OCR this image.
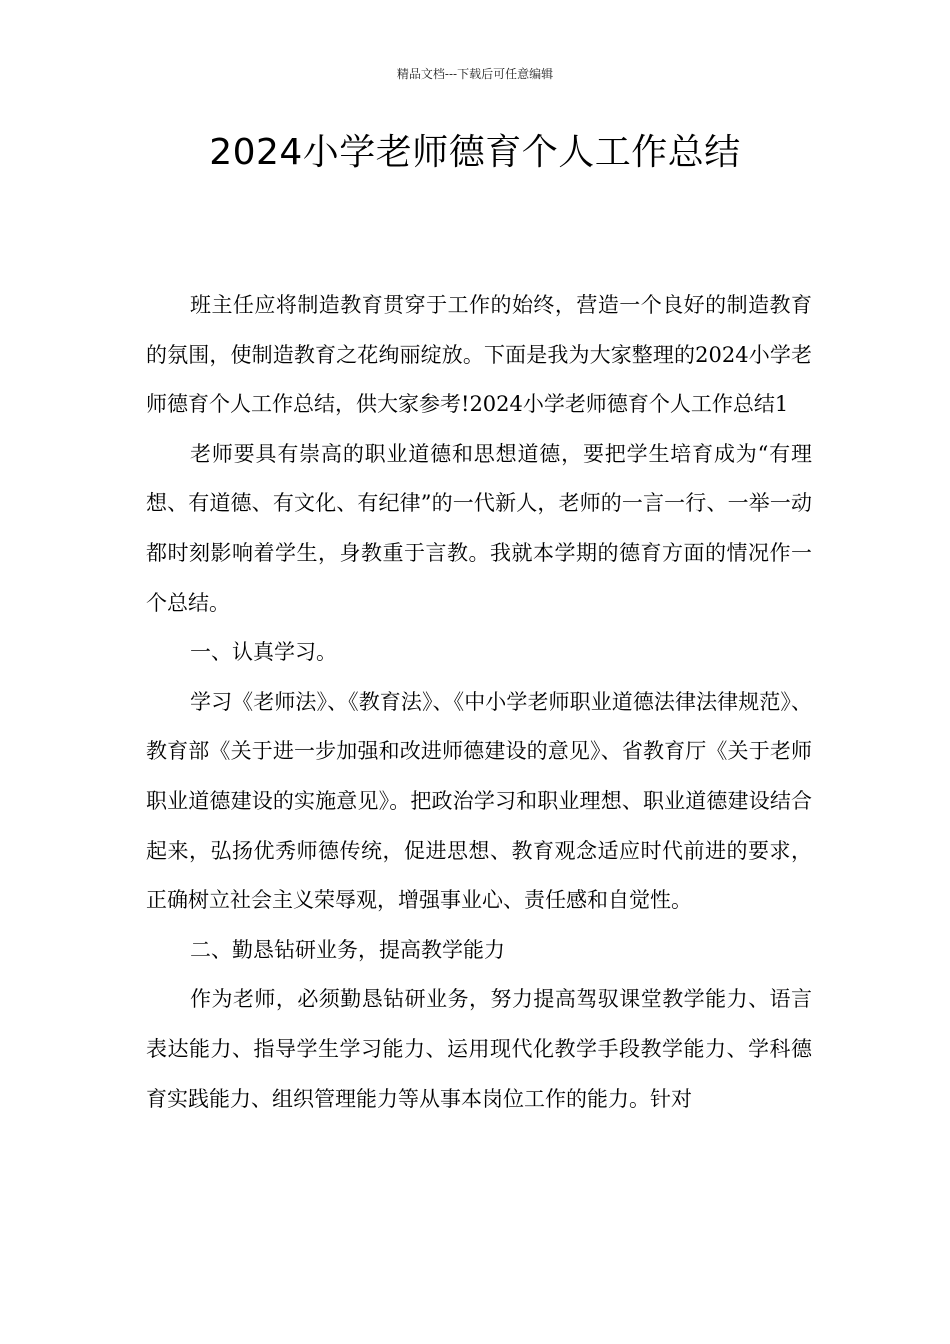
精品文档---下载后可任意编辑
2024小学老师德育个人工作总结

班主任应将制造教育贯穿于工作的始终，营造一个良好的制造教育的氛围，使制造教育之花绚丽绽放。下面是我为大家整理的2024小学老师德育个人工作总结，供大家参考!2024小学老师德育个人工作总结1

老师要具有崇高的职业道德和思想道德，要把学生培育成为“有理想、有道德、有文化、有纪律”的一代新人，老师的一言一行、一举一动都时刻影响着学生，身教重于言教。我就本学期的德育方面的情况作一个总结。

一、认真学习。

学习《老师法》、《教育法》、《中小学老师职业道德法律法律规范》、教育部《关于进一步加强和改进师德建设的意见》、省教育厅《关于老师职业道德建设的实施意见》。把政治学习和职业理想、职业道德建设结合起来，弘扬优秀师德传统，促进思想、教育观念适应时代前进的要求，正确树立社会主义荣辱观，增强事业心、责任感和自觉性。

二、勤恳钻研业务，提高教学能力

作为老师，必须勤恳钻研业务，努力提高驾驭课堂教学能力、语言表达能力、指导学生学习能力、运用现代化教学手段教学能力、学科德育实践能力、组织管理能力等从事本岗位工作的能力。针对
